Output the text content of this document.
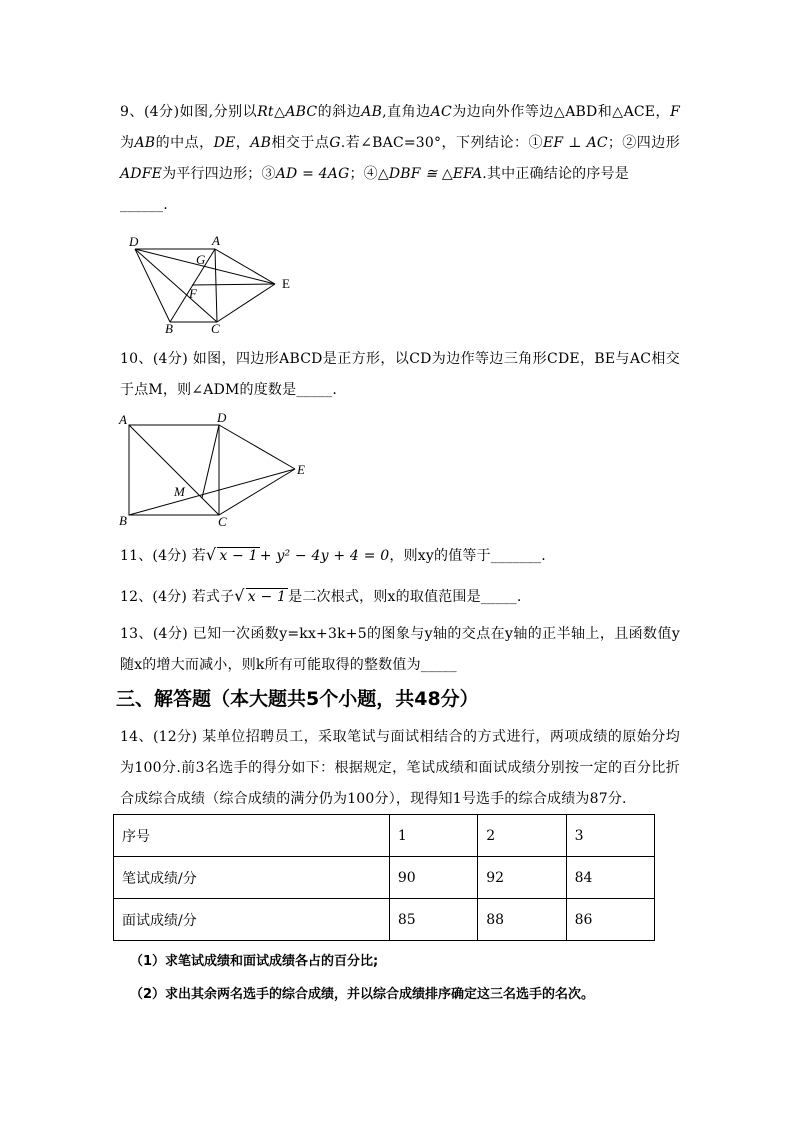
9、(4分)如图,分别以Rt△ABC的斜边AB,直角边AC为边向外作等边△ABD和△ACE，F为AB的中点，DE，AB相交于点G.若∠BAC=30°，下列结论：①EF ⊥ AC；②四边形ADFE为平行四边形；③AD = 4AG；④△DBF ≅ △EFA.其中正确结论的序号是
______.
D	A
G
F
E
B	C
10、(4分) 如图，四边形ABCD是正方形，以CD为边作等边三角形CDE，BE与AC相交于点M，则∠ADM的度数是_____.
A	D
E
M
B	C
11、(4分) 若√ x − 1 + y² − 4y + 4 = 0，则xy的值等于_______.
12、(4分) 若式子√ x − 1 是二次根式，则x的取值范围是_____.
13、(4分) 已知一次函数y=kx+3k+5的图象与y轴的交点在y轴的正半轴上，且函数值y随x的增大而减小，则k所有可能取得的整数值为_____
三、解答题（本大题共5个小题，共48分）
14、(12分) 某单位招聘员工，采取笔试与面试相结合的方式进行，两项成绩的原始分均为100分.前3名选手的得分如下：根据规定，笔试成绩和面试成绩分别按一定的百分比折合成综合成绩（综合成绩的满分仍为100分），现得知1号选手的综合成绩为87分.
序号	1	2	3
笔试成绩/分	90	92	84
面试成绩/分	85	88	86
（1）求笔试成绩和面试成绩各占的百分比;
（2）求出其余两名选手的综合成绩，并以综合成绩排序确定这三名选手的名次。
